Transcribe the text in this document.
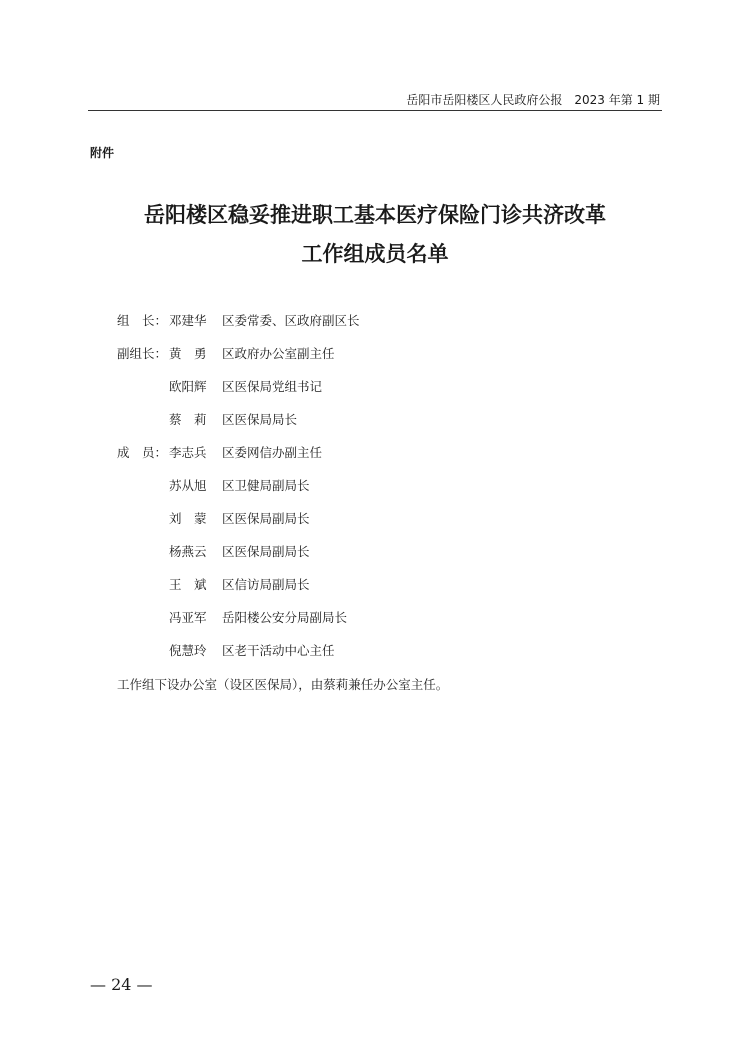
岳阳市岳阳楼区人民政府公报　2023 年第 1 期
附件
岳阳楼区稳妥推进职工基本医疗保险门诊共济改革
工作组成员名单
组　长： 邓建华	区委常委、区政府副区长
副组长： 黄　勇	区政府办公室副主任
欧阳辉	区医保局党组书记
蔡　莉	区医保局局长
成　员： 李志兵	区委网信办副主任
苏从旭	区卫健局副局长
刘　蒙	区医保局副局长
杨燕云	区医保局副局长
王　斌	区信访局副局长
冯亚军	岳阳楼公安分局副局长
倪慧玲	区老干活动中心主任
工作组下设办公室（设区医保局），由蔡莉兼任办公室主任。
— 24 —
